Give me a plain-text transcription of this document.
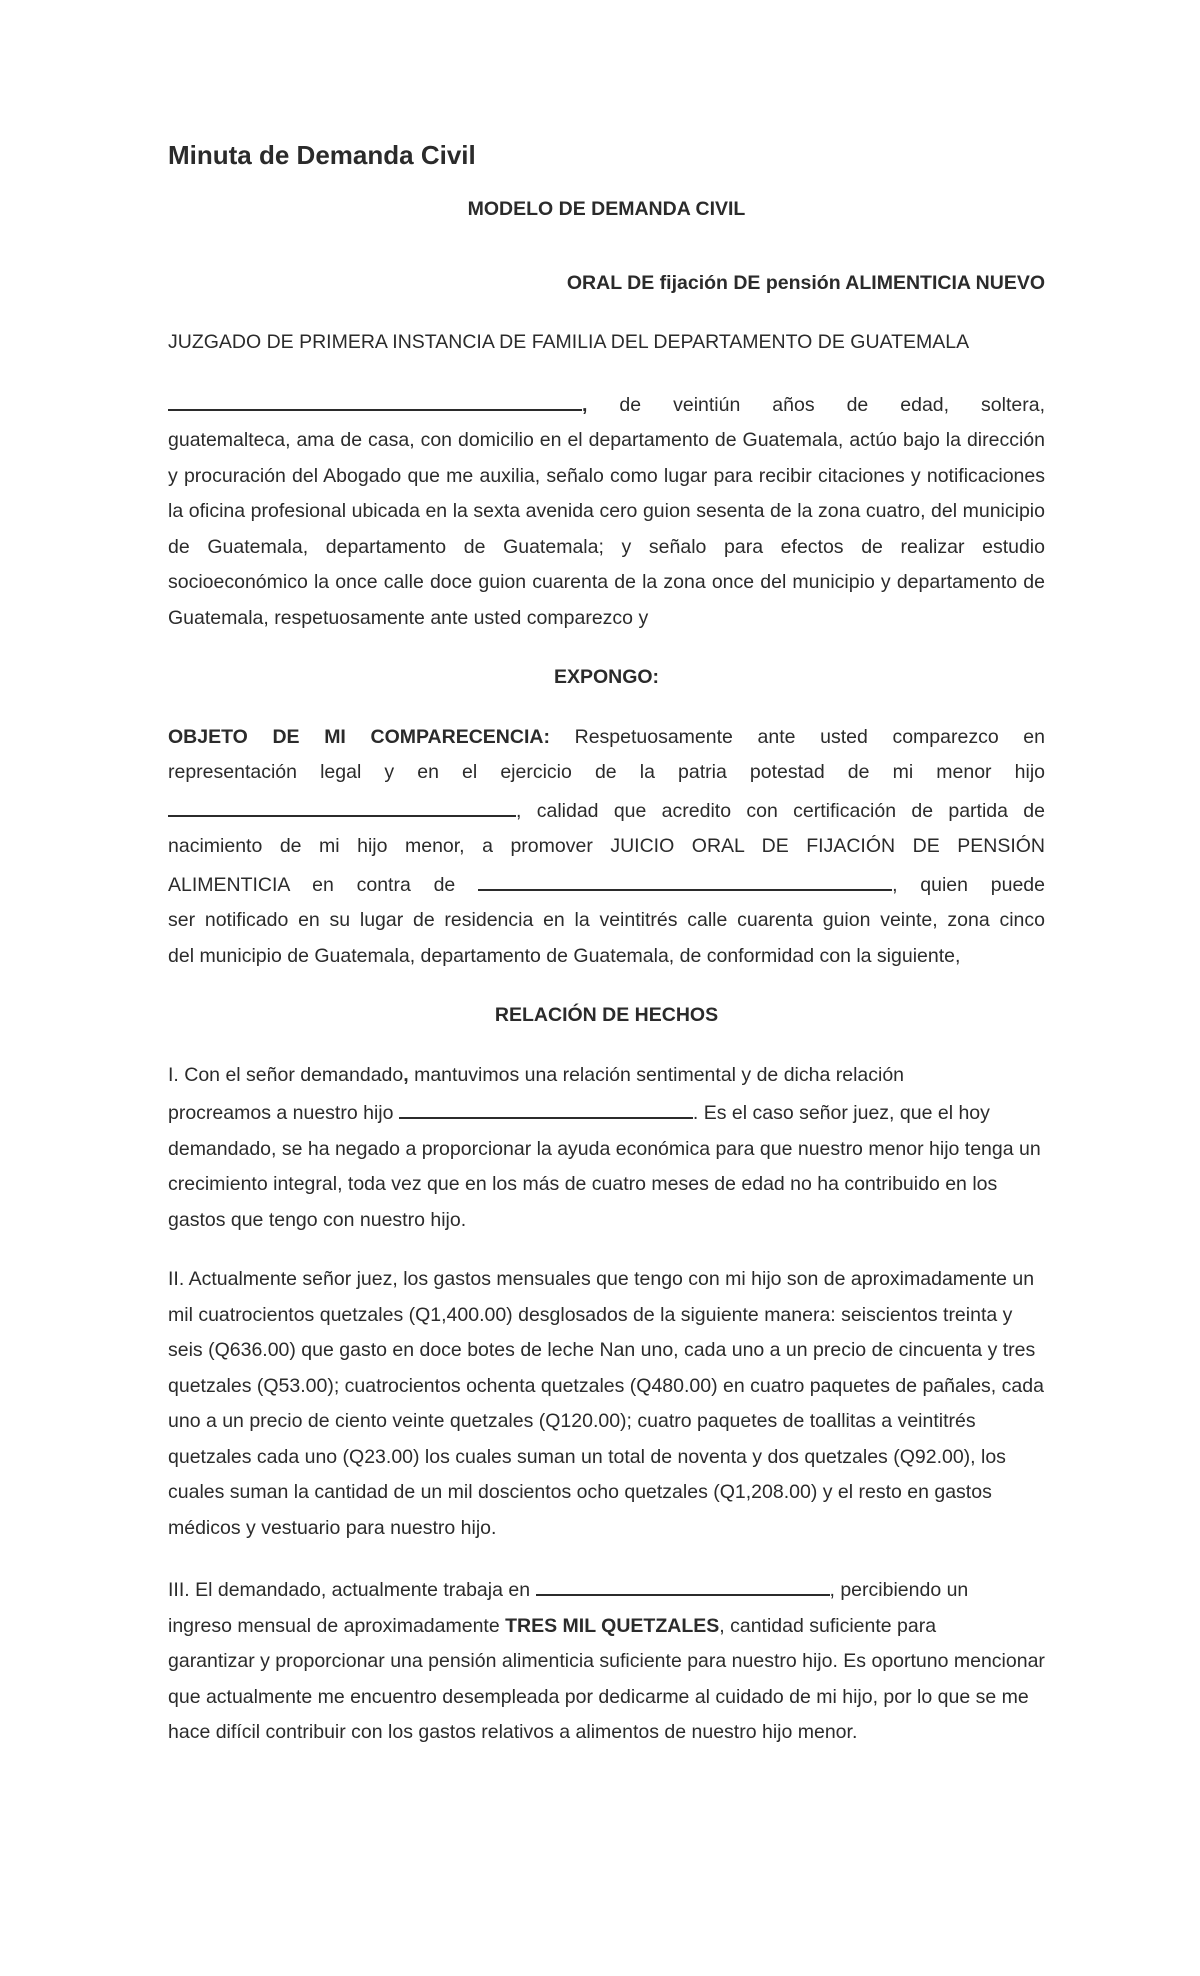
Minuta de Demanda Civil
MODELO DE DEMANDA CIVIL
ORAL DE fijación DE pensión ALIMENTICIA NUEVO
JUZGADO DE PRIMERA INSTANCIA DE FAMILIA DEL DEPARTAMENTO DE GUATEMALA

, de veintiún años de edad, soltera,

guatemalteca, ama de casa, con domicilio en el departamento de Guatemala, actúo bajo la dirección y procuración del Abogado que me auxilia, señalo como lugar para recibir citaciones y notificaciones la oficina profesional ubicada en la sexta avenida cero guion sesenta de la zona cuatro, del municipio de Guatemala, departamento de Guatemala; y señalo para efectos de realizar estudio socioeconómico la once calle doce guion cuarenta de la zona once del municipio y departamento de Guatemala, respetuosamente ante usted comparezco y

EXPONGO:

OBJETO DE MI COMPARECENCIA: Respetuosamente ante usted comparezco en

representación legal y en el ejercicio de la patria potestad de mi menor hijo

, calidad que acredito con certificación de partida de

nacimiento de mi hijo menor, a promover JUICIO ORAL DE FIJACIÓN DE PENSIÓN

ALIMENTICIA en contra de	, quien puede

ser notificado en su lugar de residencia en la veintitrés calle cuarenta guion veinte, zona cinco

del municipio de Guatemala, departamento de Guatemala, de conformidad con la siguiente,

RELACIÓN DE HECHOS

I. Con el señor demandado, mantuvimos una relación sentimental y de dicha relación

procreamos a nuestro hijo	. Es el caso señor juez, que el hoy

demandado, se ha negado a proporcionar la ayuda económica para que nuestro menor hijo tenga un crecimiento integral, toda vez que en los más de cuatro meses de edad no ha contribuido en los gastos que tengo con nuestro hijo.

II. Actualmente señor juez, los gastos mensuales que tengo con mi hijo son de aproximadamente un mil cuatrocientos quetzales (Q1,400.00) desglosados de la siguiente manera: seiscientos treinta y seis (Q636.00) que gasto en doce botes de leche Nan uno, cada uno a un precio de cincuenta y tres quetzales (Q53.00); cuatrocientos ochenta quetzales (Q480.00) en cuatro paquetes de pañales, cada uno a un precio de ciento veinte quetzales (Q120.00); cuatro paquetes de toallitas a veintitrés quetzales cada uno (Q23.00) los cuales suman un total de noventa y dos quetzales (Q92.00), los cuales suman la cantidad de un mil doscientos ocho quetzales (Q1,208.00) y el resto en gastos médicos y vestuario para nuestro hijo.

III. El demandado, actualmente trabaja en	, percibiendo un

ingreso mensual de aproximadamente TRES MIL QUETZALES, cantidad suficiente para

garantizar y proporcionar una pensión alimenticia suficiente para nuestro hijo. Es oportuno mencionar que actualmente me encuentro desempleada por dedicarme al cuidado de mi hijo, por lo que se me hace difícil contribuir con los gastos relativos a alimentos de nuestro hijo menor.
